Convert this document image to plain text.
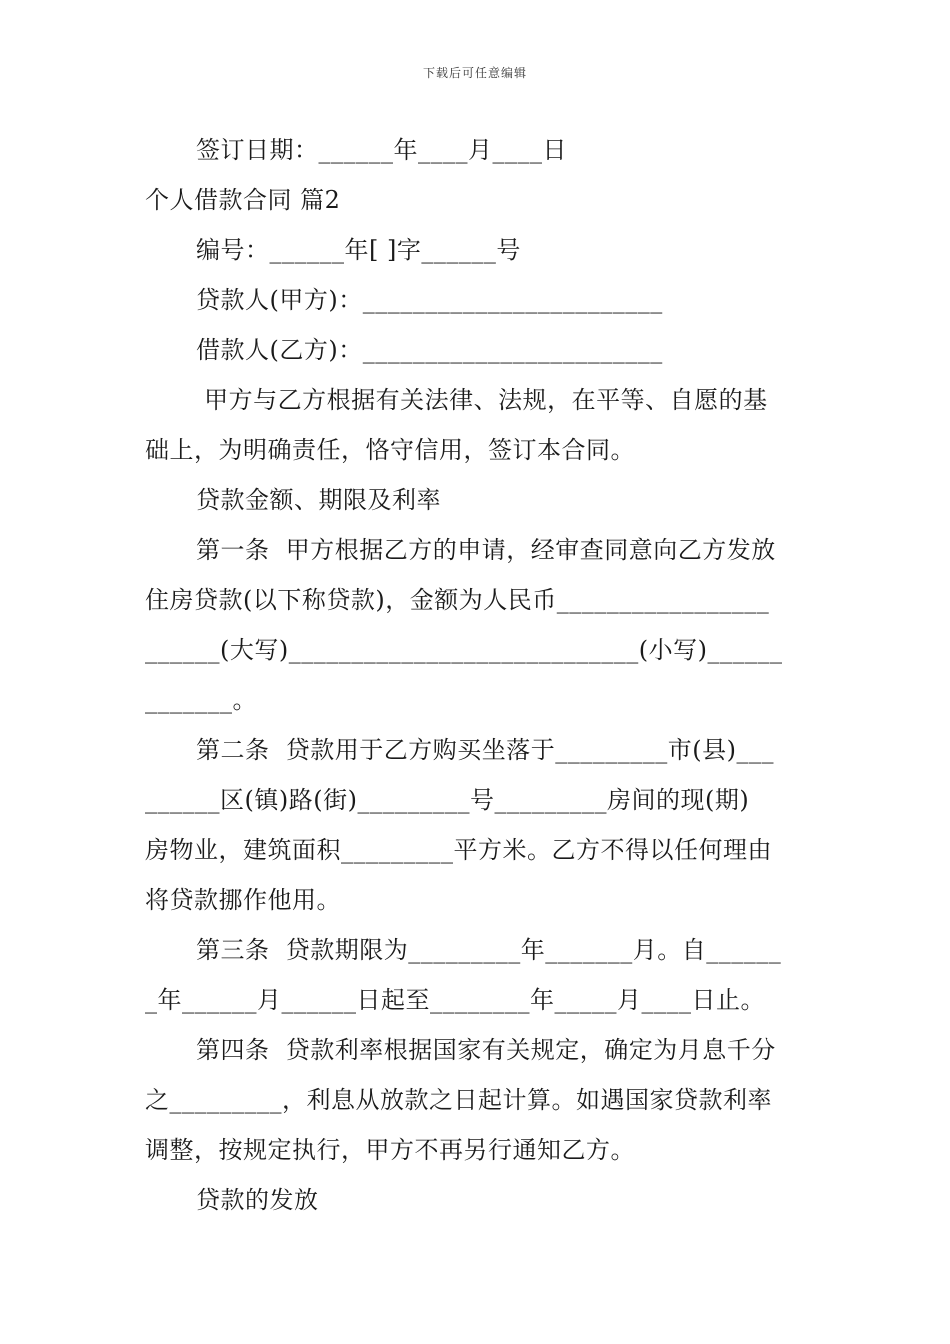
下载后可任意编辑
签订日期：______年____月____日
个人借款合同 篇2
编号：______年[ ]字______号
贷款人(甲方)：________________________
借款人(乙方)：________________________
甲方与乙方根据有关法律、法规，在平等、自愿的基
础上，为明确责任，恪守信用，签订本合同。
贷款金额、期限及利率
第一条  甲方根据乙方的申请，经审查同意向乙方发放
住房贷款(以下称贷款)，金额为人民币_________________
______(大写)____________________________(小写)______
_______。
第二条  贷款用于乙方购买坐落于_________市(县)___
______区(镇)路(街)_________号_________房间的现(期)
房物业，建筑面积_________平方米。乙方不得以任何理由
将贷款挪作他用。
第三条  贷款期限为_________年_______月。自______
_年______月______日起至________年_____月____日止。
第四条  贷款利率根据国家有关规定，确定为月息千分
之_________，利息从放款之日起计算。如遇国家贷款利率
调整，按规定执行，甲方不再另行通知乙方。
贷款的发放
